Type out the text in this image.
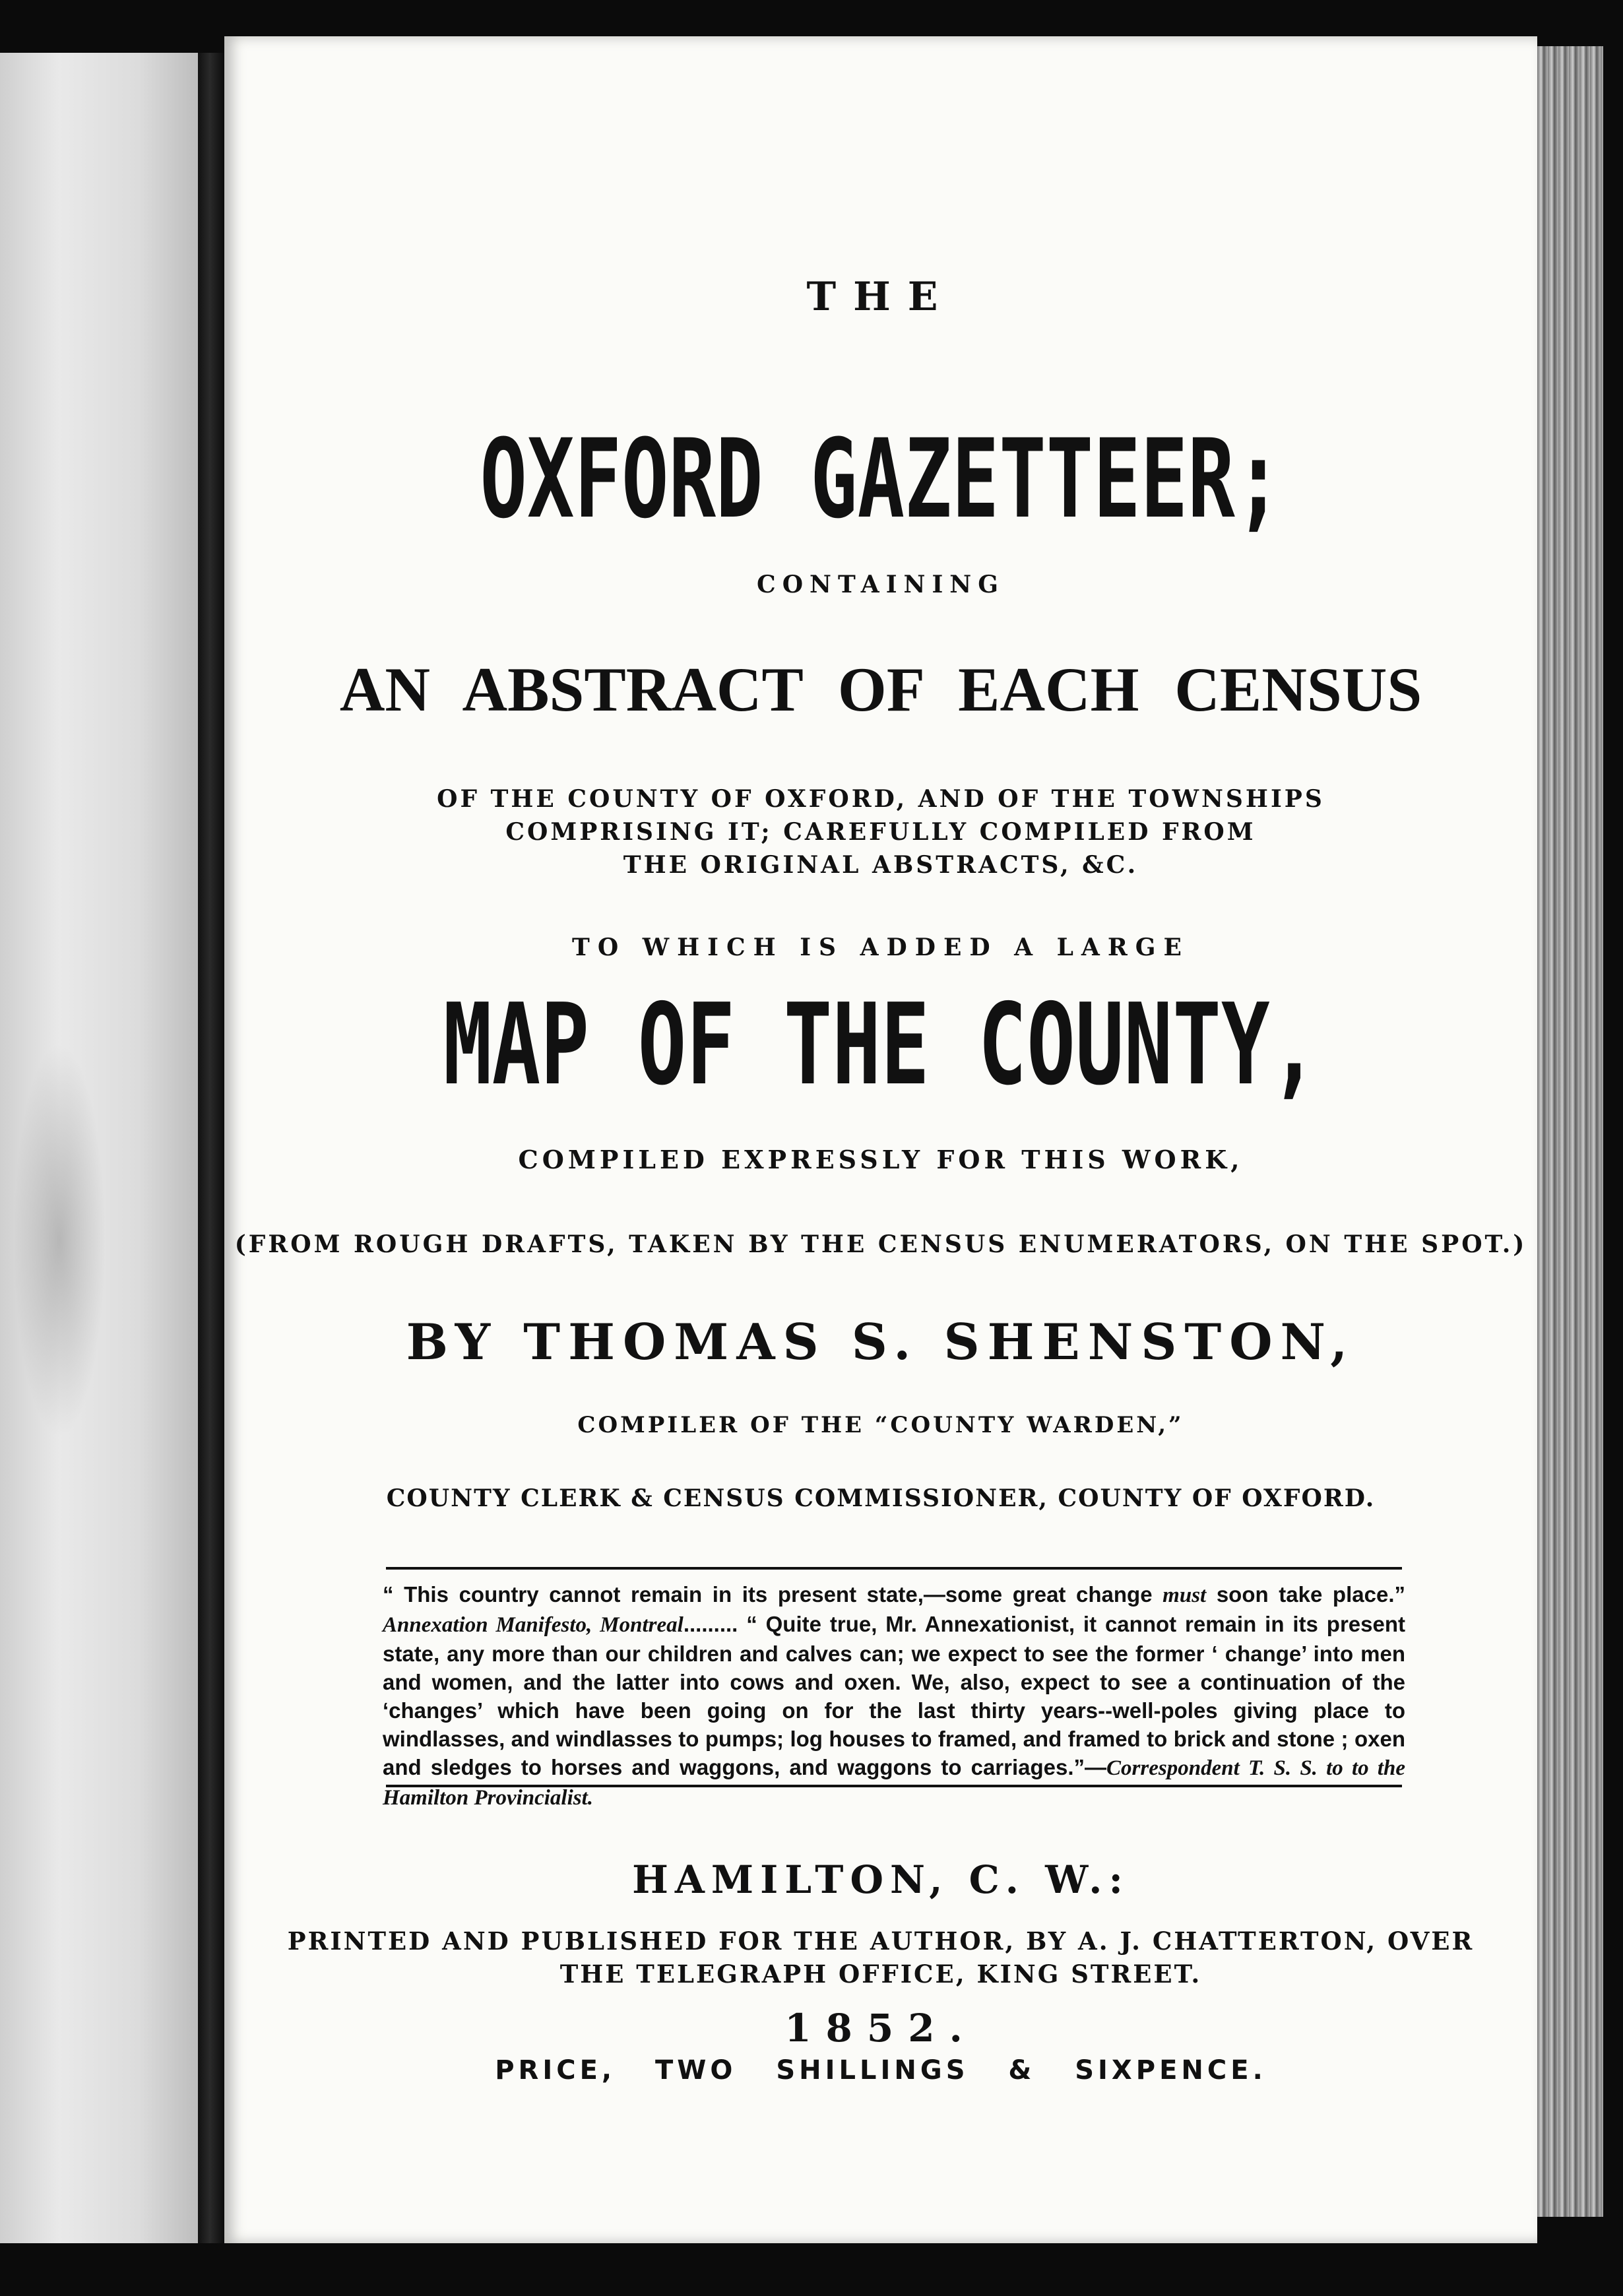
THE
OXFORD GAZETTEER;
CONTAINING
AN ABSTRACT OF EACH CENSUS
OF THE COUNTY OF OXFORD, AND OF THE TOWNSHIPS
COMPRISING IT; CAREFULLY COMPILED FROM
THE ORIGINAL ABSTRACTS, &C.
TO WHICH IS ADDED A LARGE
MAP OF THE COUNTY,
COMPILED EXPRESSLY FOR THIS WORK,
(FROM ROUGH DRAFTS, TAKEN BY THE CENSUS ENUMERATORS, ON THE SPOT.)
BY THOMAS S. SHENSTON,
COMPILER OF THE “COUNTY WARDEN,”
COUNTY CLERK & CENSUS COMMISSIONER, COUNTY OF OXFORD.
“ This country cannot remain in its present state,—some great change must soon take place.” Annexation Manifesto, Montreal......... “ Quite true, Mr. Annexationist, it cannot remain in its present state, any more than our children and calves can; we expect to see the former ‘ change’ into men and women, and the latter into cows and oxen. We, also, expect to see a continuation of the ‘changes’ which have been going on for the last thirty years--well-poles giving place to windlasses, and windlasses to pumps; log houses to framed, and framed to brick and stone ; oxen and sledges to horses and waggons, and waggons to carriages.”—Correspondent T. S. S. to to the Hamilton Provincialist.
HAMILTON, C. W.:
PRINTED AND PUBLISHED FOR THE AUTHOR, BY A. J. CHATTERTON, OVER
THE TELEGRAPH OFFICE, KING STREET.
1852.
PRICE, TWO SHILLINGS & SIXPENCE.
